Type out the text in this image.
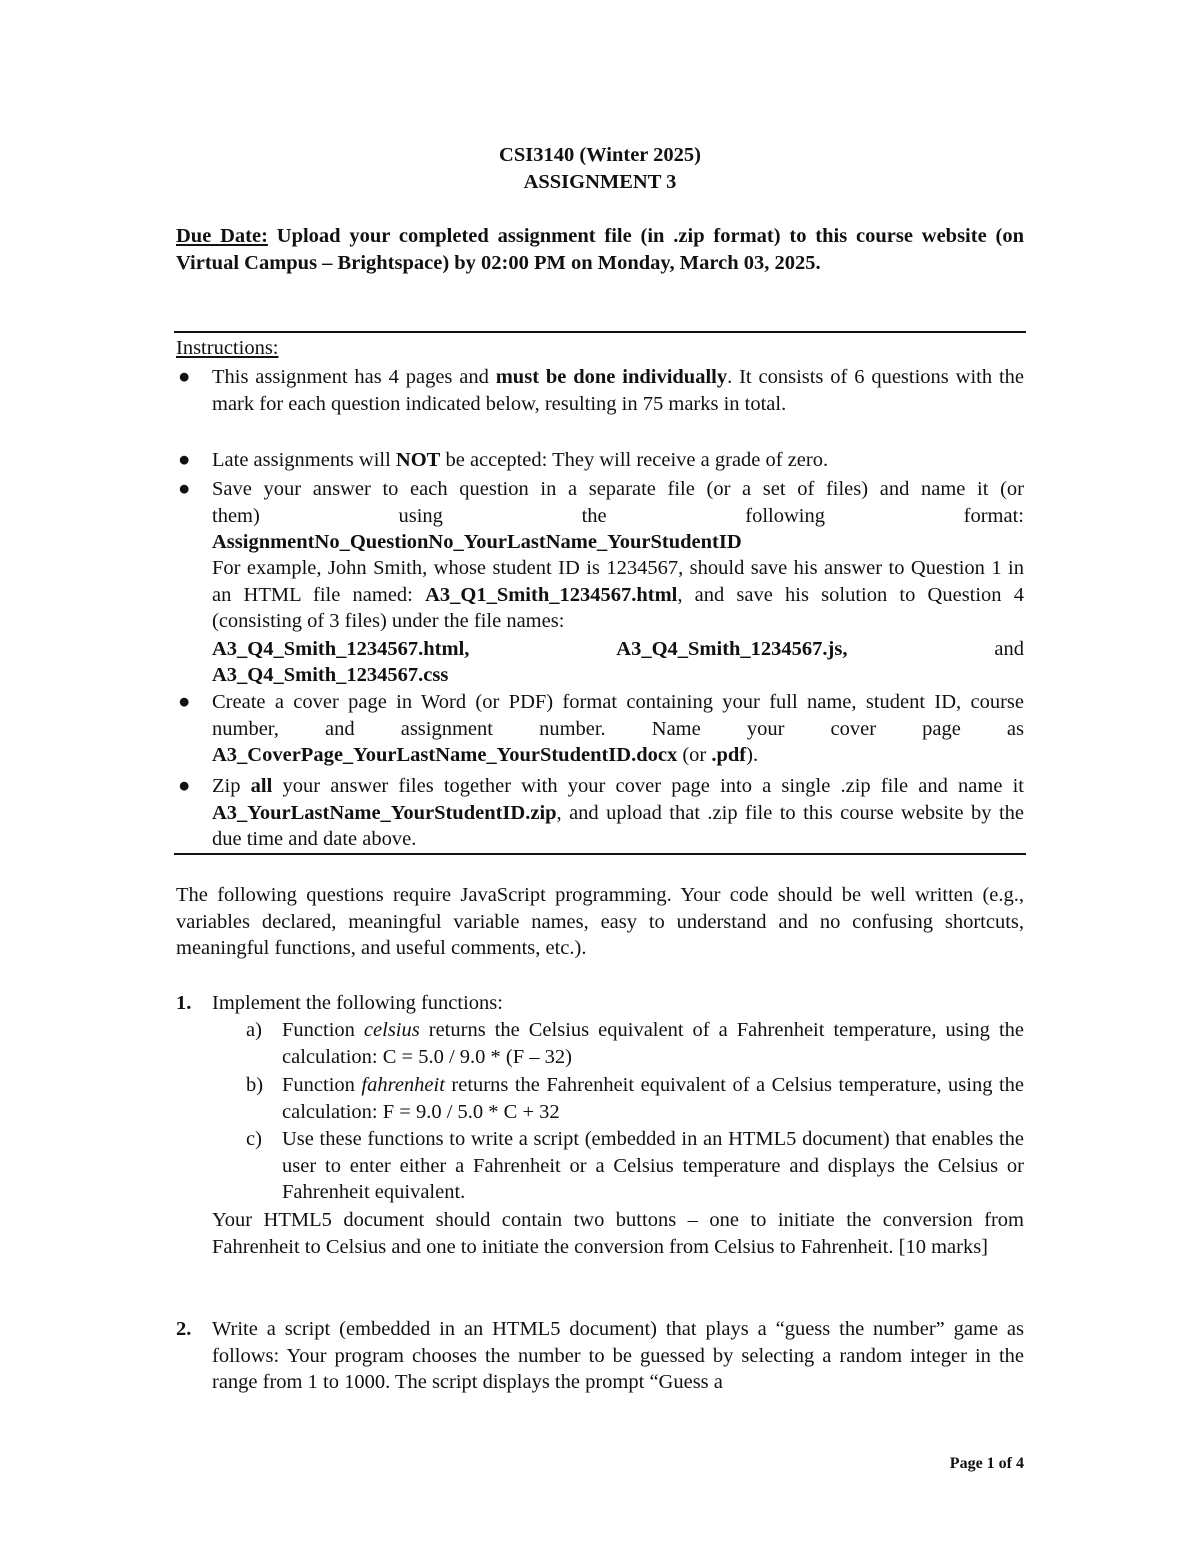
CSI3140 (Winter 2025)
ASSIGNMENT 3
Due Date: Upload your completed assignment file (in .zip format) to this course website (on Virtual Campus – Brightspace) by 02:00 PM on Monday, March 03, 2025.
Instructions:
● This assignment has 4 pages and must be done individually. It consists of 6 questions with the mark for each question indicated below, resulting in 75 marks in total.
● Late assignments will NOT be accepted: They will receive a grade of zero.
● Save your answer to each question in a separate file (or a set of files) and name it (or
them)	using	the	following	format:
AssignmentNo_QuestionNo_YourLastName_YourStudentID
For example, John Smith, whose student ID is 1234567, should save his answer to Question 1 in an HTML file named: A3_Q1_Smith_1234567.html, and save his solution to Question 4 (consisting of 3 files) under the file names:
A3_Q4_Smith_1234567.html,	A3_Q4_Smith_1234567.js,	and
A3_Q4_Smith_1234567.css
● Create a cover page in Word (or PDF) format containing your full name, student ID, course number, and assignment number. Name your cover page as A3_CoverPage_YourLastName_YourStudentID.docx (or .pdf).
● Zip all your answer files together with your cover page into a single .zip file and name it A3_YourLastName_YourStudentID.zip, and upload that .zip file to this course website by the due time and date above.
The following questions require JavaScript programming. Your code should be well written (e.g., variables declared, meaningful variable names, easy to understand and no confusing shortcuts, meaningful functions, and useful comments, etc.).
1. Implement the following functions:
a) Function celsius returns the Celsius equivalent of a Fahrenheit temperature, using the calculation: C = 5.0 / 9.0 * (F – 32)
b) Function fahrenheit returns the Fahrenheit equivalent of a Celsius temperature, using the calculation: F = 9.0 / 5.0 * C + 32
c) Use these functions to write a script (embedded in an HTML5 document) that enables the user to enter either a Fahrenheit or a Celsius temperature and displays the Celsius or Fahrenheit equivalent.
Your HTML5 document should contain two buttons – one to initiate the conversion from Fahrenheit to Celsius and one to initiate the conversion from Celsius to Fahrenheit. [10 marks]
2. Write a script (embedded in an HTML5 document) that plays a “guess the number” game as follows: Your program chooses the number to be guessed by selecting a random integer in the range from 1 to 1000. The script displays the prompt “Guess a
Page 1 of 4
